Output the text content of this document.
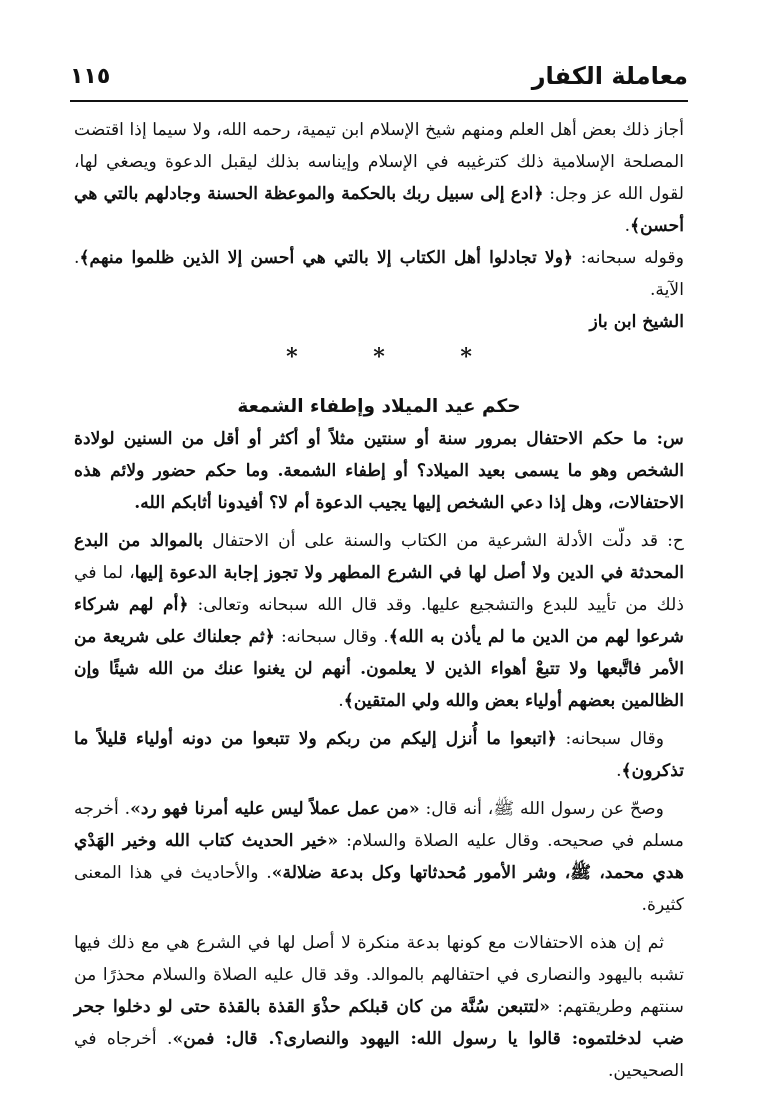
معاملة الكفار
١١٥

أجاز ذلك بعض أهل العلم ومنهم شيخ الإسلام ابن تيمية، رحمه الله، ولا سيما إذا اقتضت المصلحة الإسلامية ذلك كترغيبه في الإسلام وإيناسه بذلك ليقبل الدعوة ويصغي لها، لقول الله عز وجل: ﴿ادع إلى سبيل ربك بالحكمة والموعظة الحسنة وجادلهم بالتي هي أحسن﴾.

وقوله سبحانه: ﴿ولا تجادلوا أهل الكتاب إلا بالتي هي أحسن إلا الذين ظلموا منهم﴾. الآية.

الشيخ ابن باز

* * *
حكم عيد الميلاد وإطفاء الشمعة

س: ما حكم الاحتفال بمرور سنة أو سنتين مثلاً أو أكثر أو أقل من السنين لولادة الشخص وهو ما يسمى بعيد الميلاد؟ أو إطفاء الشمعة. وما حكم حضور ولائم هذه الاحتفالات، وهل إذا دعي الشخص إليها يجيب الدعوة أم لا؟ أفيدونا أثابكم الله.

ح: قد دلّت الأدلة الشرعية من الكتاب والسنة على أن الاحتفال بالموالد من البدع المحدثة في الدين ولا أصل لها في الشرع المطهر ولا تجوز إجابة الدعوة إليها، لما في ذلك من تأييد للبدع والتشجيع عليها. وقد قال الله سبحانه وتعالى: ﴿أم لهم شركاء شرعوا لهم من الدين ما لم يأذن به الله﴾. وقال سبحانه: ﴿ثم جعلناك على شريعة من الأمر فاتَّبعها ولا تتبعْ أهواء الذين لا يعلمون. أنهم لن يغنوا عنك من الله شيئًا وإن الظالمين بعضهم أولياء بعض والله ولي المتقين﴾.

وقال سبحانه: ﴿اتبعوا ما أُنزل إليكم من ربكم ولا تتبعوا من دونه أولياء قليلاً ما تذكرون﴾.

وصحّ عن رسول الله ﷺ، أنه قال: «من عمل عملاً ليس عليه أمرنا فهو رد». أخرجه مسلم في صحيحه. وقال عليه الصلاة والسلام: «خير الحديث كتاب الله وخير الهَدْي هدي محمد، ﷺ، وشر الأمور مُحدثاتها وكل بدعة ضلالة». والأحاديث في هذا المعنى كثيرة.

ثم إن هذه الاحتفالات مع كونها بدعة منكرة لا أصل لها في الشرع هي مع ذلك فيها تشبه باليهود والنصارى في احتفالهم بالموالد. وقد قال عليه الصلاة والسلام محذرًا من سنتهم وطريقتهم: «لتتبعن سُنَّة من كان قبلكم حذْوَ القذة بالقذة حتى لو دخلوا جحر ضب لدخلتموه: قالوا يا رسول الله: اليهود والنصارى؟. قال: فمن». أخرجاه في الصحيحين.
